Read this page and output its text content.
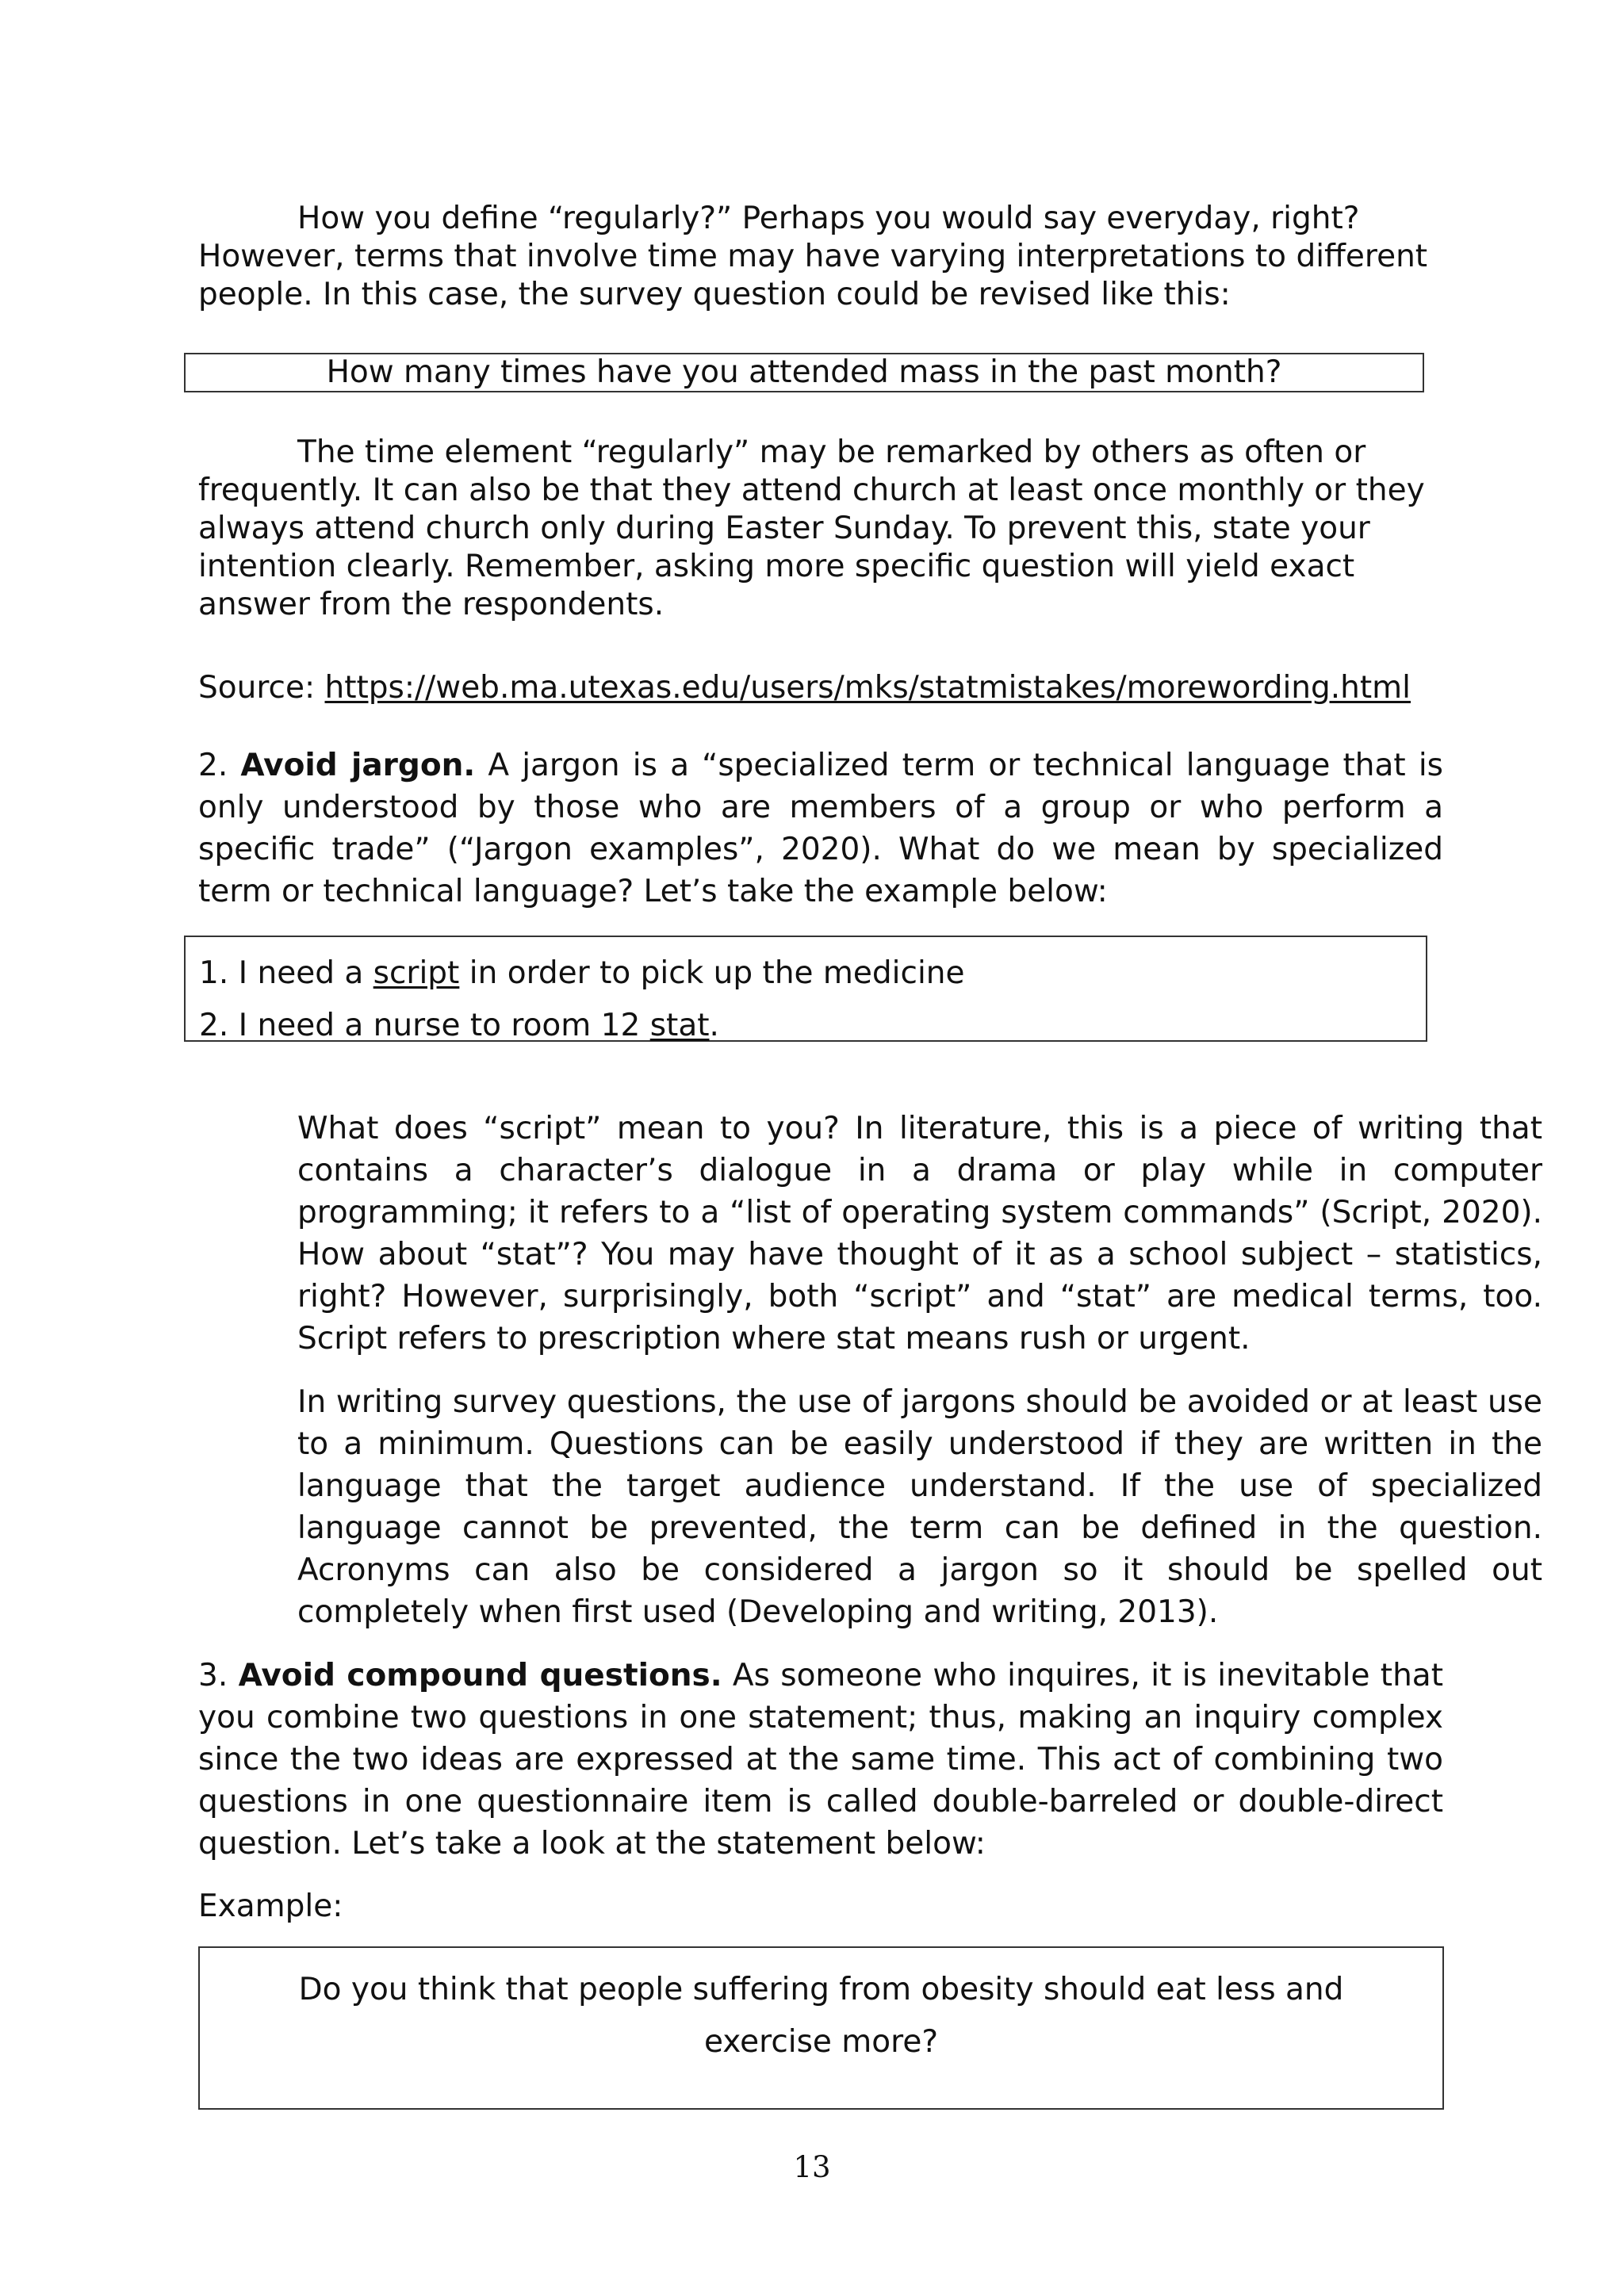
How you define “regularly?” Perhaps you would say everyday, right?
However, terms that involve time may have varying interpretations to different
people. In this case, the survey question could be revised like this:
How many times have you attended mass in the past month?
The time element “regularly” may be remarked by others as often or
frequently. It can also be that they attend church at least once monthly or they
always attend church only during Easter Sunday. To prevent this, state your
intention clearly. Remember, asking more specific question will yield exact
answer from the respondents.
Source: https://web.ma.utexas.edu/users/mks/statmistakes/morewording.html

2. Avoid jargon. A jargon is a “specialized term or technical language that is only understood by those who are members of a group or who perform a specific trade” (“Jargon examples”, 2020). What do we mean by specialized term or technical language? Let’s take the example below:

1. I need a script in order to pick up the medicine
2. I need a nurse to room 12 stat.

What does “script” mean to you? In literature, this is a piece of writing that contains a character’s dialogue in a drama or play while in computer programming; it refers to a “list of operating system commands” (Script, 2020). How about “stat”? You may have thought of it as a school subject – statistics, right? However, surprisingly, both “script” and “stat” are medical terms, too. Script refers to prescription where stat means rush or urgent.

In writing survey questions, the use of jargons should be avoided or at least use to a minimum. Questions can be easily understood if they are written in the language that the target audience understand. If the use of specialized language cannot be prevented, the term can be defined in the question. Acronyms can also be considered a jargon so it should be spelled out completely when first used (Developing and writing, 2013).

3. Avoid compound questions. As someone who inquires, it is inevitable that you combine two questions in one statement; thus, making an inquiry complex since the two ideas are expressed at the same time. This act of combining two questions in one questionnaire item is called double-barreled or double-direct question. Let’s take a look at the statement below:

Example:
Do you think that people suffering from obesity should eat less and exercise more?
13
